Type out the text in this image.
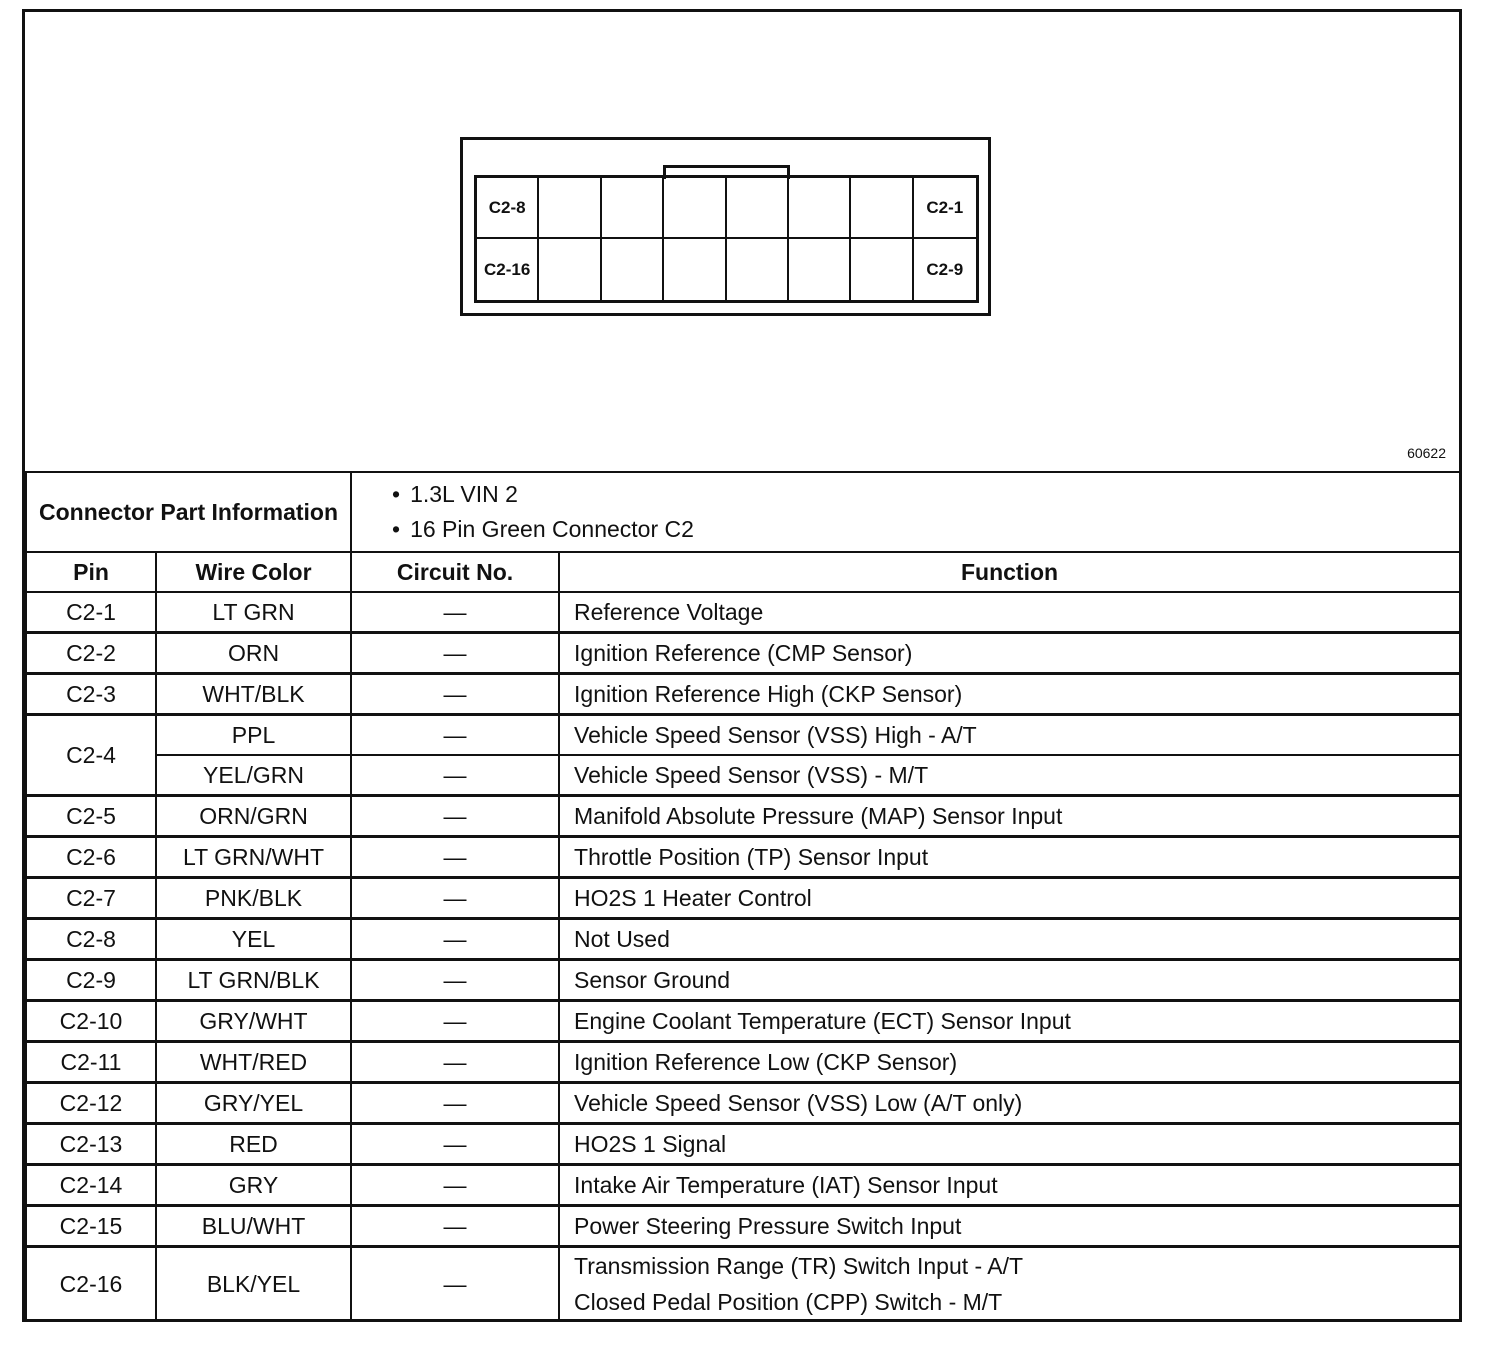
C2-8	C2-1
C2-16	C2-9
60622
Connector Part Information		• 1.3L VIN 2
• 16 Pin Green Connector C2

Pin	Wire Color	Circuit No.	Function
C2-1	LT GRN	—	Reference Voltage
C2-2	ORN	—	Ignition Reference (CMP Sensor)
C2-3	WHT/BLK	—	Ignition Reference High (CKP Sensor)
C2-4	PPL	—	Vehicle Speed Sensor (VSS) High - A/T
	YEL/GRN	—	Vehicle Speed Sensor (VSS) - M/T
C2-5	ORN/GRN	—	Manifold Absolute Pressure (MAP) Sensor Input
C2-6	LT GRN/WHT	—	Throttle Position (TP) Sensor Input
C2-7	PNK/BLK	—	HO2S 1 Heater Control
C2-8	YEL	—	Not Used
C2-9	LT GRN/BLK	—	Sensor Ground
C2-10	GRY/WHT	—	Engine Coolant Temperature (ECT) Sensor Input
C2-11	WHT/RED	—	Ignition Reference Low (CKP Sensor)
C2-12	GRY/YEL	—	Vehicle Speed Sensor (VSS) Low (A/T only)
C2-13	RED	—	HO2S 1 Signal
C2-14	GRY	—	Intake Air Temperature (IAT) Sensor Input
C2-15	BLU/WHT	—	Power Steering Pressure Switch Input
C2-16	BLK/YEL	—	Transmission Range (TR) Switch Input - A/T
Closed Pedal Position (CPP) Switch - M/T
